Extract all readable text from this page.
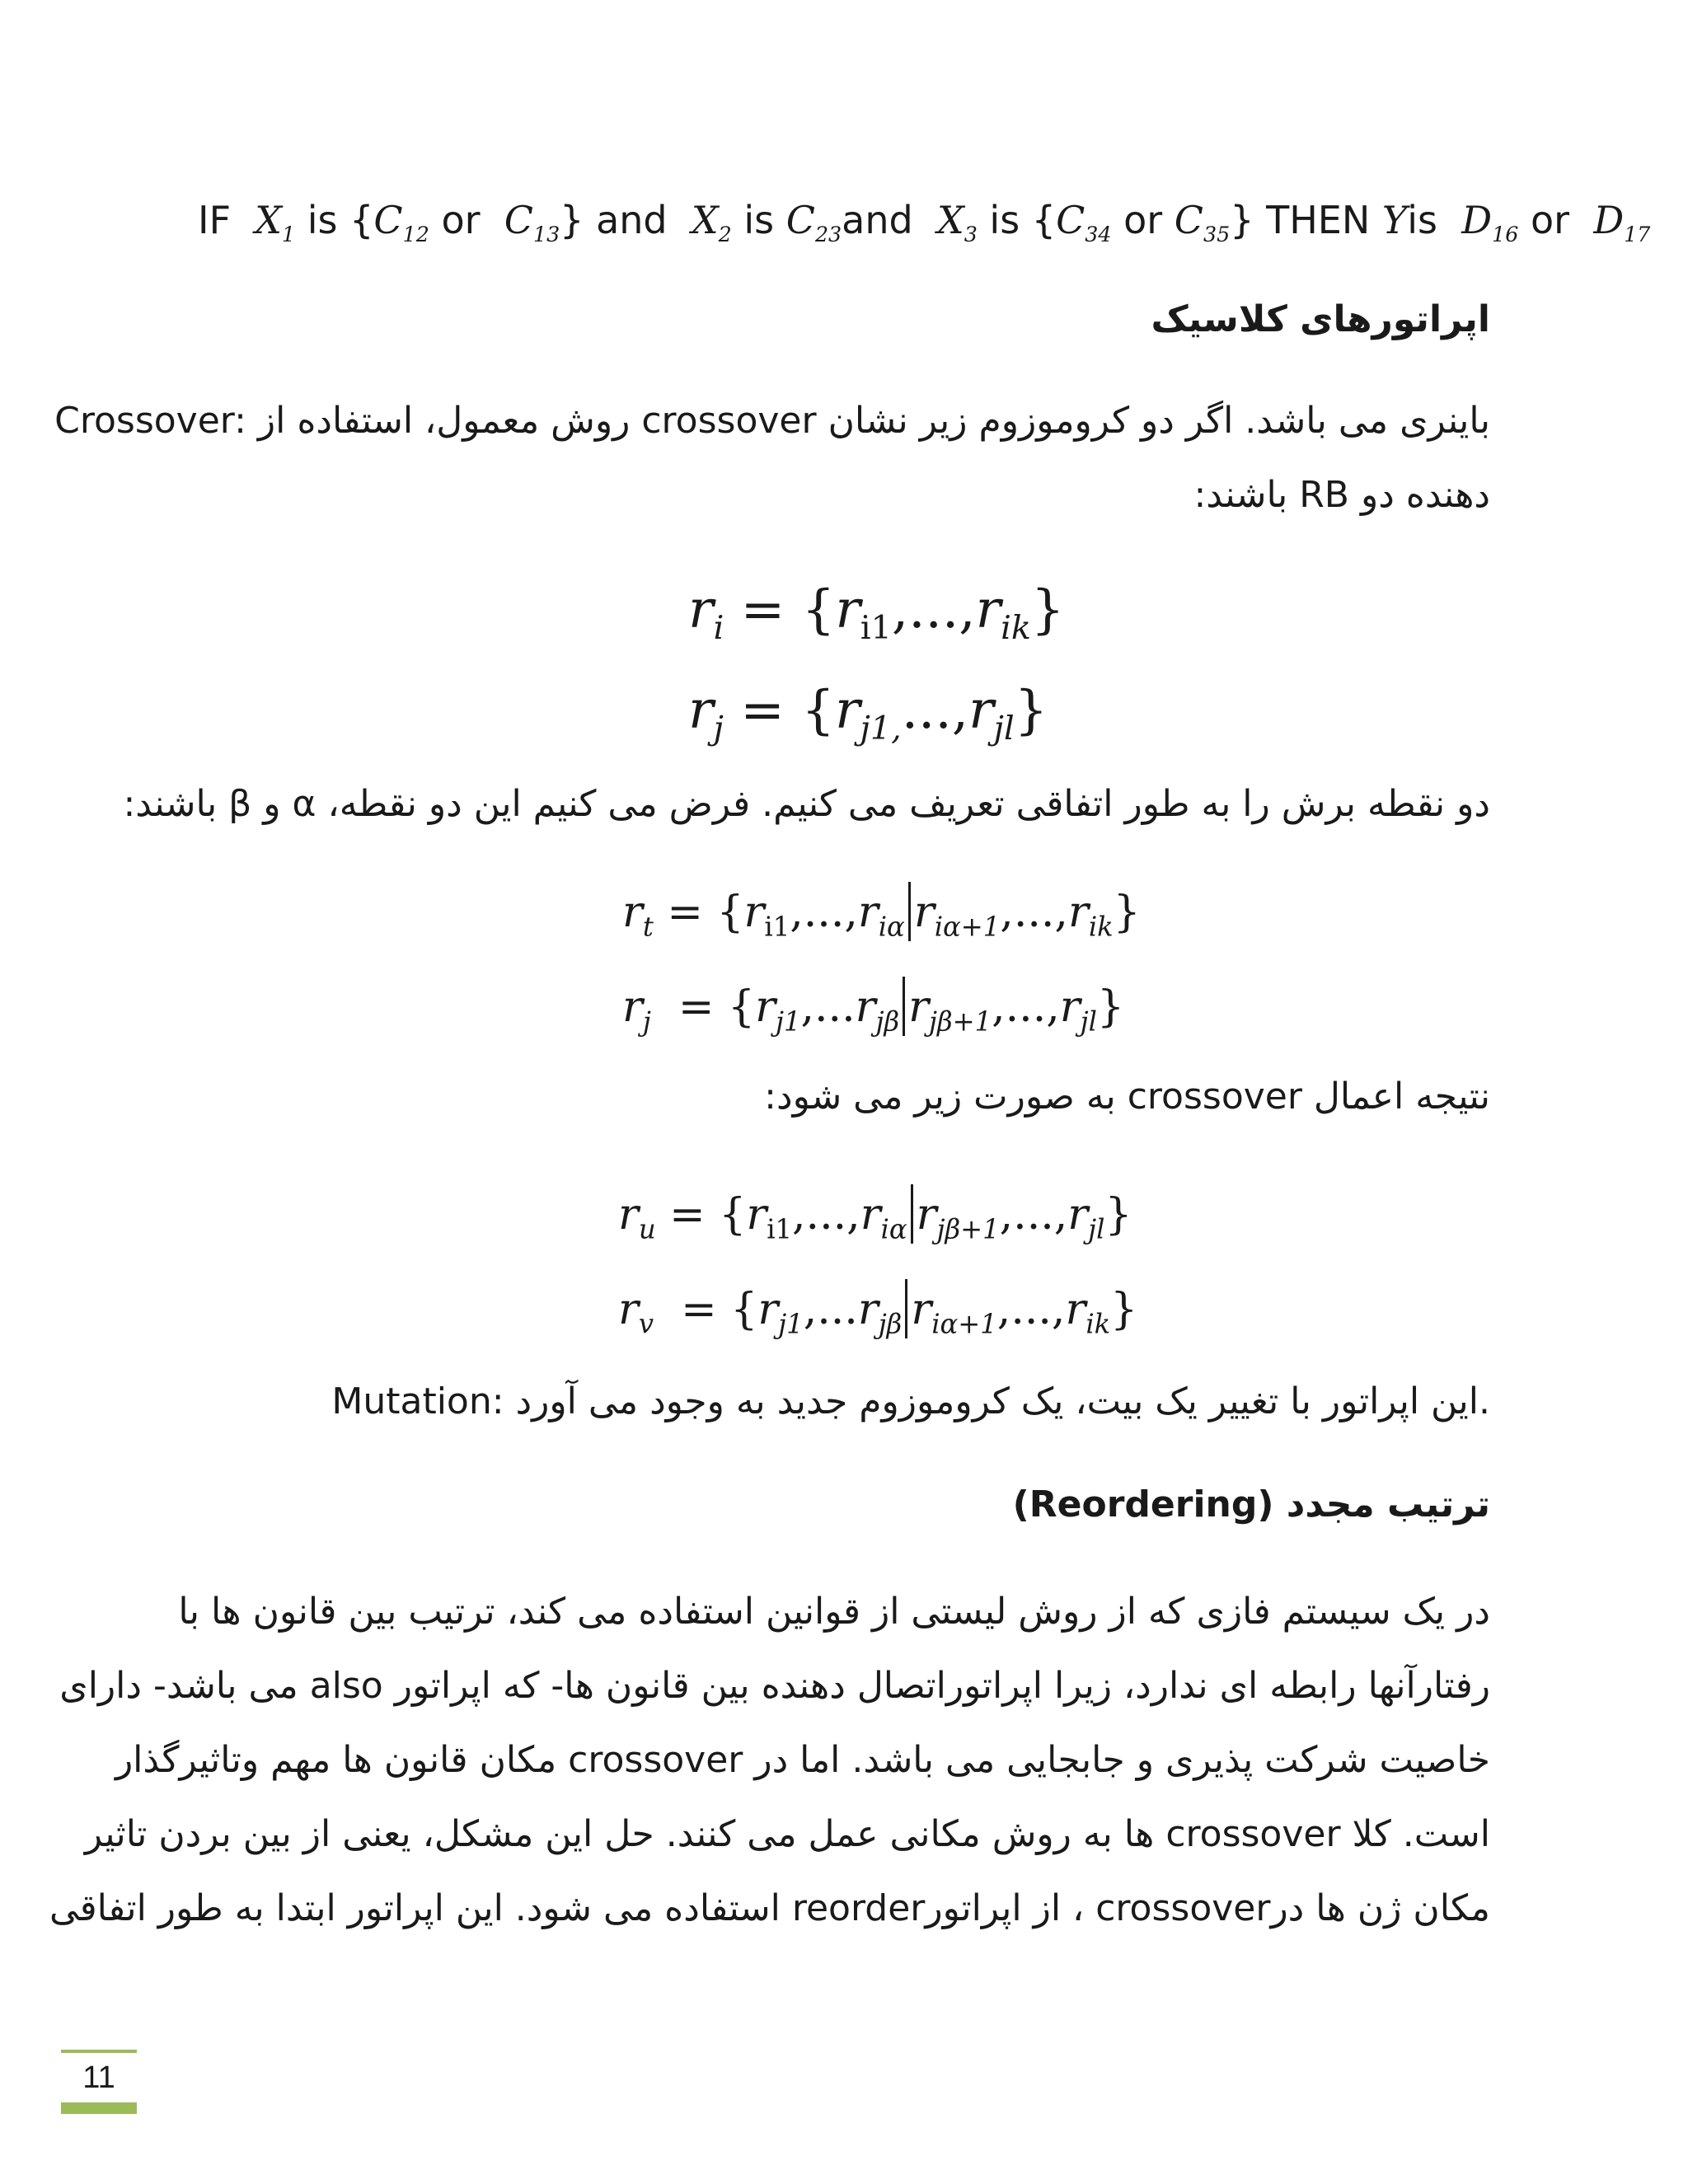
IF $X_1$ is {$C_{12}$ or $C_{13}$} and $X_2$ is $C_{23}and$ $X_3$ is {$C_{34}$ or $C_{35}$} THEN Yis $D_{16}$ or $D_{17}$
اپراتورهای کلاسیک
Crossover: روش معمول، استفاده از crossover باینری می باشد. اگر دو کروموزوم زیر نشان
دهنده دو RB باشند:
$r_i = \{r_{i1},...,r_{ik}\}$
$r_j = \{r_{j1,}...,r_{jl}\}$
دو نقطه برش را به طور اتفاقی تعریف می کنیم. فرض می کنیم این دو نقطه، α و β باشند:
$r_t = \{r_{i1},...,r_{i\alpha}$ $r_{i\alpha+1},...,r_{ik}$}
$r_j = \{r_{j1},...r_{j\beta}$ $r_{j\beta+1},...,r_{jl}$}
نتیجه اعمال crossover به صورت زیر می شود:
$r_u = \{r_{i1},...,r_{i\alpha}$ $r_{j\beta+1},...,r_{jl}$}
$r_v = \{r_{j1},...r_{j\beta}$ $r_{i\alpha+1},...,r_{ik}$}
Mutation: این اپراتور با تغییر یک بیت، یک کروموزوم جدید به وجود می آورد.
ترتیب مجدد (Reordering)
در یک سیستم فازی که از روش لیستی از قوانین استفاده می کند، ترتیب بین قانون ها با
رفتارآنها رابطه ای ندارد، زیرا اپراتوراتصال دهنده بین قانون ها- که اپراتور also می باشد- دارای
خاصیت شرکت پذیری و جابجایی می باشد. اما در crossover مکان قانون ها مهم وتاثیرگذار
است. کلا crossover ها به روش مکانی عمل می کنند. حل این مشکل، یعنی از بین بردن تاثیر
مکان ژن ها درcrossover ، از اپراتورreorder استفاده می شود. این اپراتور ابتدا به طور اتفاقی
11
